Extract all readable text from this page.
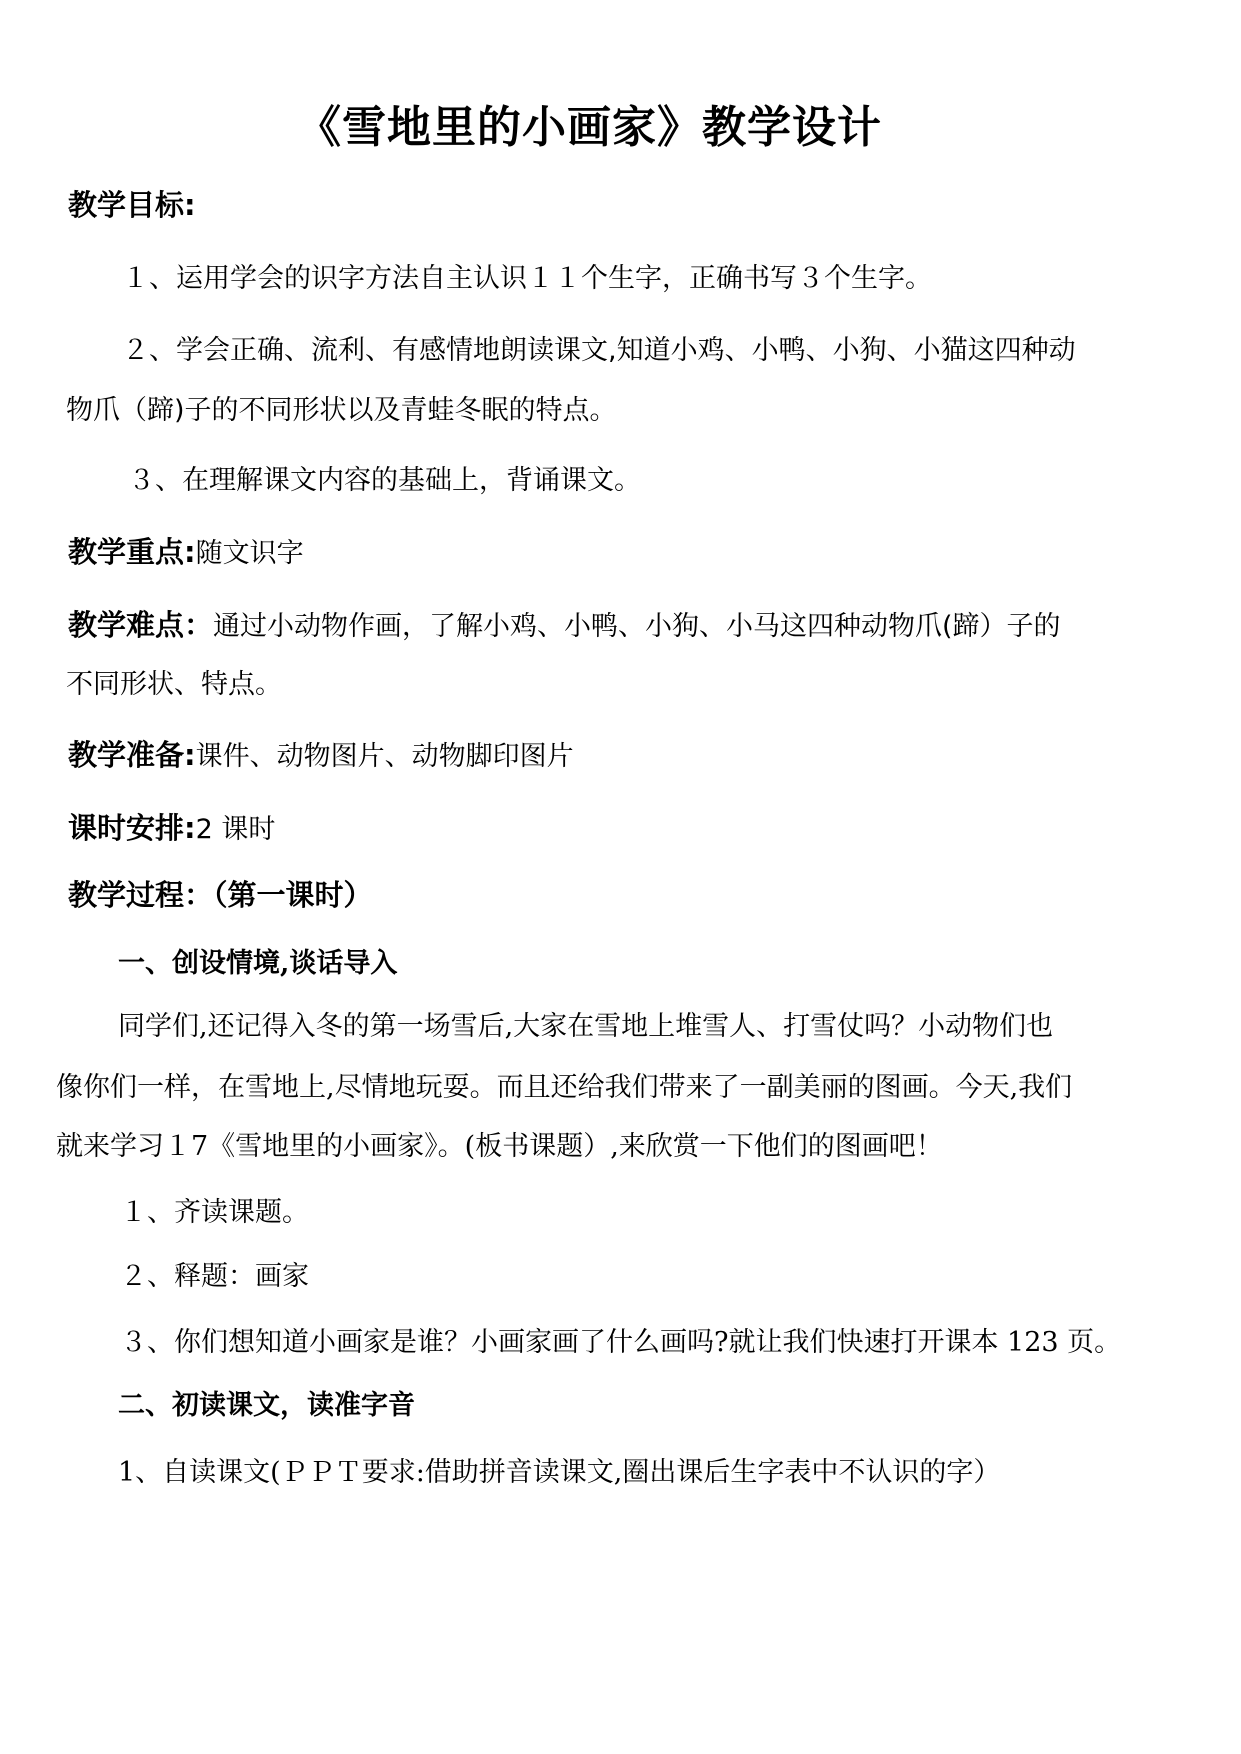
《雪地里的小画家》教学设计
教学目标:
１、运用学会的识字方法自主认识１１个生字，正确书写３个生字。
２、学会正确、流利、有感情地朗读课文,知道小鸡、小鸭、小狗、小猫这四种动
物爪（蹄)子的不同形状以及青蛙冬眠的特点。
３、在理解课文内容的基础上，背诵课文。
教学重点:随文识字
教学难点：通过小动物作画，了解小鸡、小鸭、小狗、小马这四种动物爪(蹄）子的
不同形状、特点。
教学准备:课件、动物图片、动物脚印图片
课时安排:2 课时
教学过程：（第一课时）
一、创设情境,谈话导入
同学们,还记得入冬的第一场雪后,大家在雪地上堆雪人、打雪仗吗？小动物们也
像你们一样，在雪地上,尽情地玩耍。而且还给我们带来了一副美丽的图画。今天,我们
就来学习１7《雪地里的小画家》。(板书课题）,来欣赏一下他们的图画吧！
１、齐读课题。
２、释题：画家
３、你们想知道小画家是谁？小画家画了什么画吗?就让我们快速打开课本 123 页。
二、初读课文，读准字音
1、自读课文(ＰＰＴ要求:借助拼音读课文,圈出课后生字表中不认识的字）
